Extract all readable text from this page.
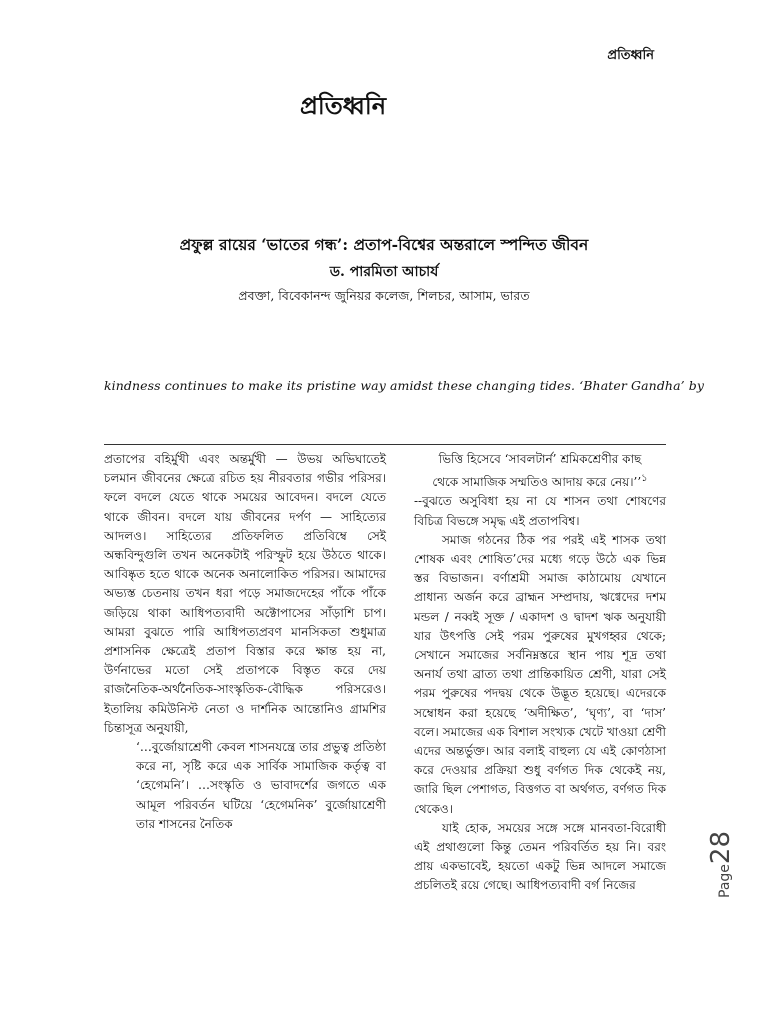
প্রতিধ্বনি
প্রতিধ্বনি
প্রফুল্ল রায়ের ‘ভাতের গন্ধ’: প্রতাপ-বিশ্বের অন্তরালে স্পন্দিত জীবন
ড. পারমিতা আচার্য
প্রবক্তা, বিবেকানন্দ জুনিয়র কলেজ, শিলচর, আসাম, ভারত
kindness continues to make its pristine way amidst these changing tides. ‘Bhater Gandha’ by

প্রতাপের বহির্মুখী এবং অন্তর্মুখী — উভয় অভিঘাতেই চলমান জীবনের ক্ষেত্রে রচিত হয় নীরবতার গভীর পরিসর। ফলে বদলে যেতে থাকে সময়ের আবেদন। বদলে যেতে থাকে জীবন। বদলে যায় জীবনের দর্পণ — সাহিত্যের আদলও। সাহিত্যের প্রতিফলিত প্রতিবিম্বে সেই অন্ধবিন্দুগুলি তখন অনেকটাই পরিস্ফুট হয়ে উঠতে থাকে। আবিষ্কৃত হতে থাকে অনেক অনালোকিত পরিসর। আমাদের অভ্যস্ত চেতনায় তখন ধরা পড়ে সমাজদেহের পাঁকে পাঁকে জড়িয়ে থাকা আধিপত্যবাদী অক্টোপাসের সাঁড়াশি চাপ। আমরা বুঝতে পারি আধিপত্যপ্রবণ মানসিকতা শুধুমাত্র প্রশাসনিক ক্ষেত্রেই প্রতাপ বিস্তার করে ক্ষান্ত হয় না, উর্ণনাভের মতো সেই প্রতাপকে বিস্তৃত করে দেয় রাজনৈতিক-অর্থনৈতিক-সাংস্কৃতিক-বৌদ্ধিক পরিসরেও। ইতালিয় কমিউনিস্ট নেতা ও দার্শনিক আন্তোনিও গ্রামশির চিন্তাসূত্র অনুযায়ী,

‘…বুর্জোয়াশ্রেণী কেবল শাসনযন্ত্রে তার প্রভুত্ব প্রতিষ্ঠা করে না, সৃষ্টি করে এক সার্বিক সামাজিক কর্তৃত্ব বা ‘হেগেমনি’। …সংস্কৃতি ও ভাবাদর্শের জগতে এক আমূল পরিবর্তন ঘটিয়ে ‘হেগেমনিক’ বুর্জোয়াশ্রেণী তার শাসনের নৈতিক

ভিত্তি হিসেবে ‘সাবলটার্ন’ শ্রমিকশ্রেণীর কাছ

থেকে সামাজিক সম্মতিও আদায় করে নেয়।’’$^১$

--বুঝতে অসুবিধা হয় না যে শাসন তথা শোষণের বিচিত্র বিভঙ্গে সমৃদ্ধ এই প্রতাপবিশ্ব।

সমাজ গঠনের ঠিক পর পরই এই শাসক তথা শোষক এবং শোষিত’দের মধ্যে গড়ে উঠে এক ভিন্ন স্তর বিভাজন। বর্ণাশ্রমী সমাজ কাঠামোয় যেখানে প্রাধান্য অর্জন করে ব্রাহ্মন সম্প্রদায়, ঋগ্বেদের দশম মন্ডল / নব্বই সূক্ত / একাদশ ও দ্বাদশ ঋক অনুযায়ী যার উৎপত্তি সেই পরম পুরুষের মুখগহ্বর থেকে; সেখানে সমাজের সর্বনিম্নস্তরে স্থান পায় শূদ্র তথা অনার্য তথা ব্রাত্য তথা প্রান্তিকায়িত শ্রেণী, যারা সেই পরম পুরুষের পদদ্বয় থেকে উদ্ভূত হয়েছে। এদেরকে সম্বোধন করা হয়েছে ‘অদীক্ষিত’, ‘ঘৃণ্য’, বা ‘দাস’ বলে। সমাজের এক বিশাল সংখ্যক খেটে খাওয়া শ্রেণী এদের অন্তর্ভুক্ত। আর বলাই বাহুল্য যে এই কোণঠাসা করে দেওয়ার প্রক্রিয়া শুধু বর্ণগত দিক থেকেই নয়, জারি ছিল পেশাগত, বিত্তগত বা অর্থগত, বর্ণগত দিক থেকেও।

যাই হোক, সময়ের সঙ্গে সঙ্গে মানবতা-বিরোধী এই প্রথাগুলো কিন্তু তেমন পরিবর্তিত হয় নি। বরং প্রায় একভাবেই, হয়তো একটু ভিন্ন আদলে সমাজে প্রচলিতই রয়ে গেছে। আধিপত্যবাদী বর্গ নিজের	Page28
